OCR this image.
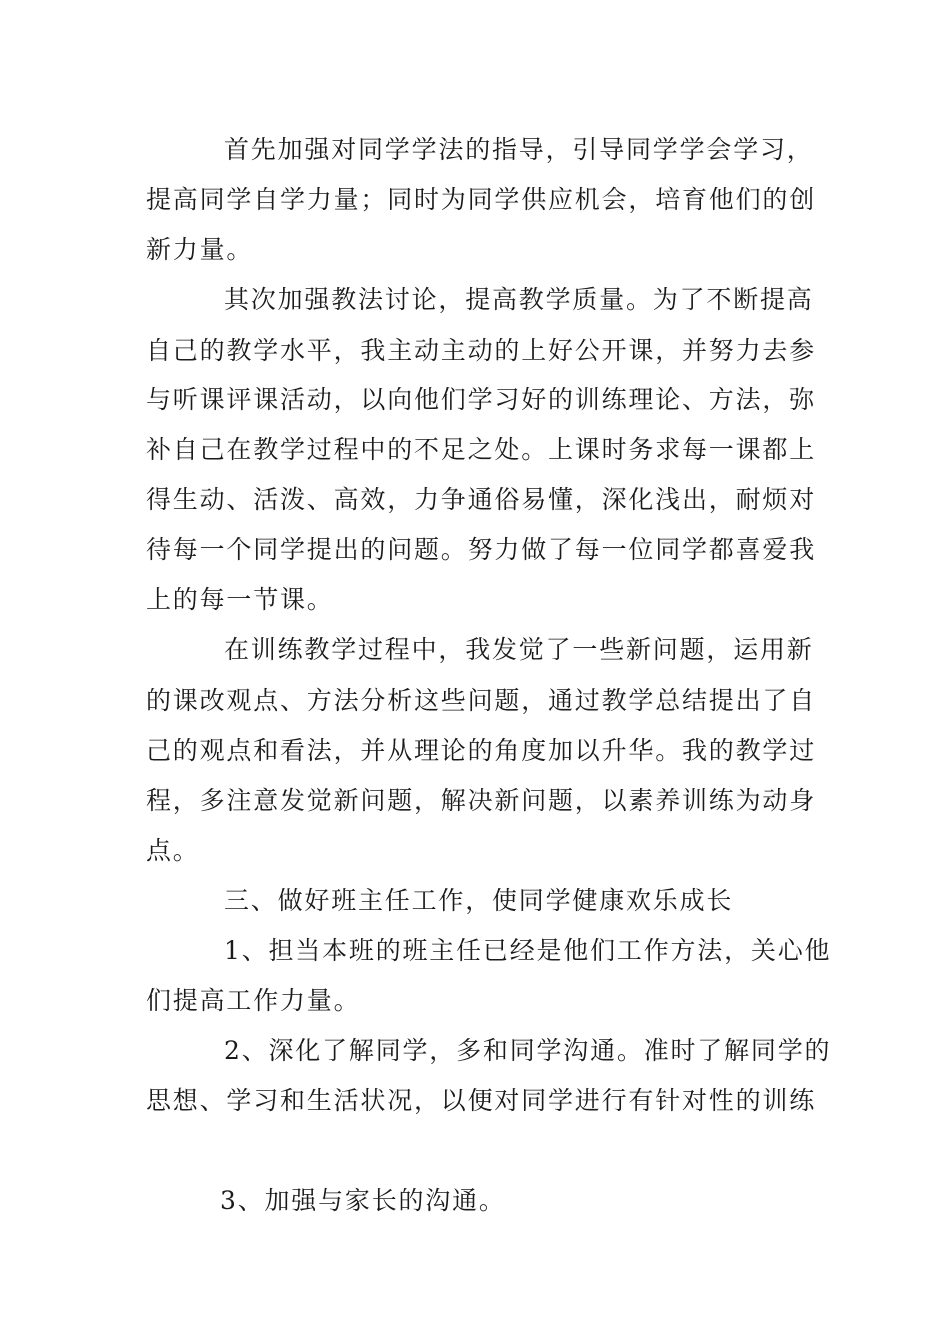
首先加强对同学学法的指导，引导同学学会学习，
提高同学自学力量；同时为同学供应机会，培育他们的创
新力量。
其次加强教法讨论，提高教学质量。为了不断提高
自己的教学水平，我主动主动的上好公开课，并努力去参
与听课评课活动，以向他们学习好的训练理论、方法，弥
补自己在教学过程中的不足之处。上课时务求每一课都上
得生动、活泼、高效，力争通俗易懂，深化浅出，耐烦对
待每一个同学提出的问题。努力做了每一位同学都喜爱我
上的每一节课。
在训练教学过程中，我发觉了一些新问题，运用新
的课改观点、方法分析这些问题，通过教学总结提出了自
己的观点和看法，并从理论的角度加以升华。我的教学过
程，多注意发觉新问题，解决新问题，以素养训练为动身
点。
三、做好班主任工作，使同学健康欢乐成长
1、担当本班的班主任已经是他们工作方法，关心他
们提高工作力量。
2、深化了解同学，多和同学沟通。准时了解同学的
思想、学习和生活状况，以便对同学进行有针对性的训练
3、加强与家长的沟通。
